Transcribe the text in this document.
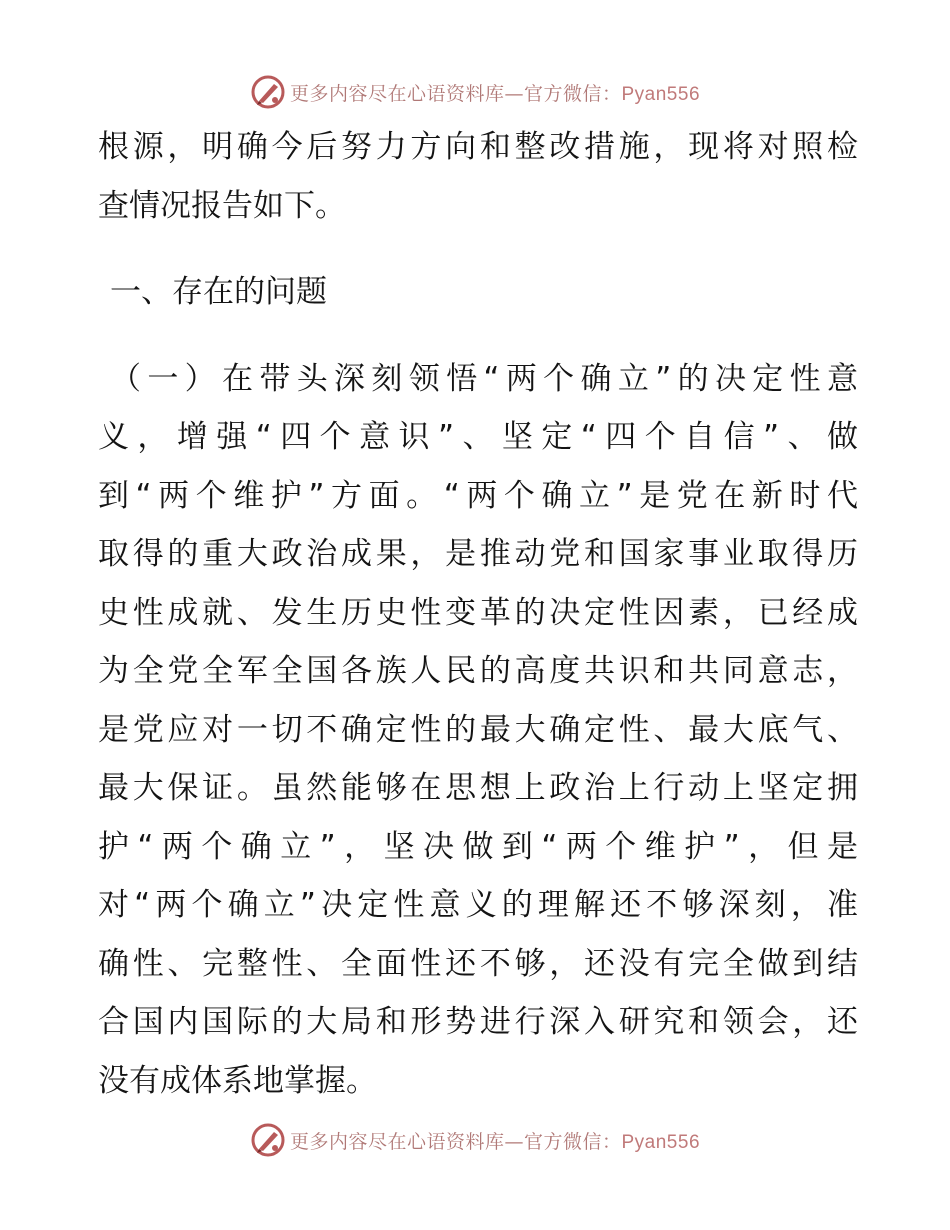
更多内容尽在心语资料库—官方微信：Pyan556
根源，明确今后努力方向和整改措施，现将对照检
查情况报告如下。
一、存在的问题
（一）在带头深刻领悟“两个确立”的决定性意
义，增强“四个意识”、坚定“四个自信”、做
到“两个维护”方面。“两个确立”是党在新时代
取得的重大政治成果，是推动党和国家事业取得历
史性成就、发生历史性变革的决定性因素，已经成
为全党全军全国各族人民的高度共识和共同意志，
是党应对一切不确定性的最大确定性、最大底气、
最大保证。虽然能够在思想上政治上行动上坚定拥
护“两个确立”，坚决做到“两个维护”，但是
对“两个确立”决定性意义的理解还不够深刻，准
确性、完整性、全面性还不够，还没有完全做到结
合国内国际的大局和形势进行深入研究和领会，还
没有成体系地掌握。
更多内容尽在心语资料库—官方微信：Pyan556
